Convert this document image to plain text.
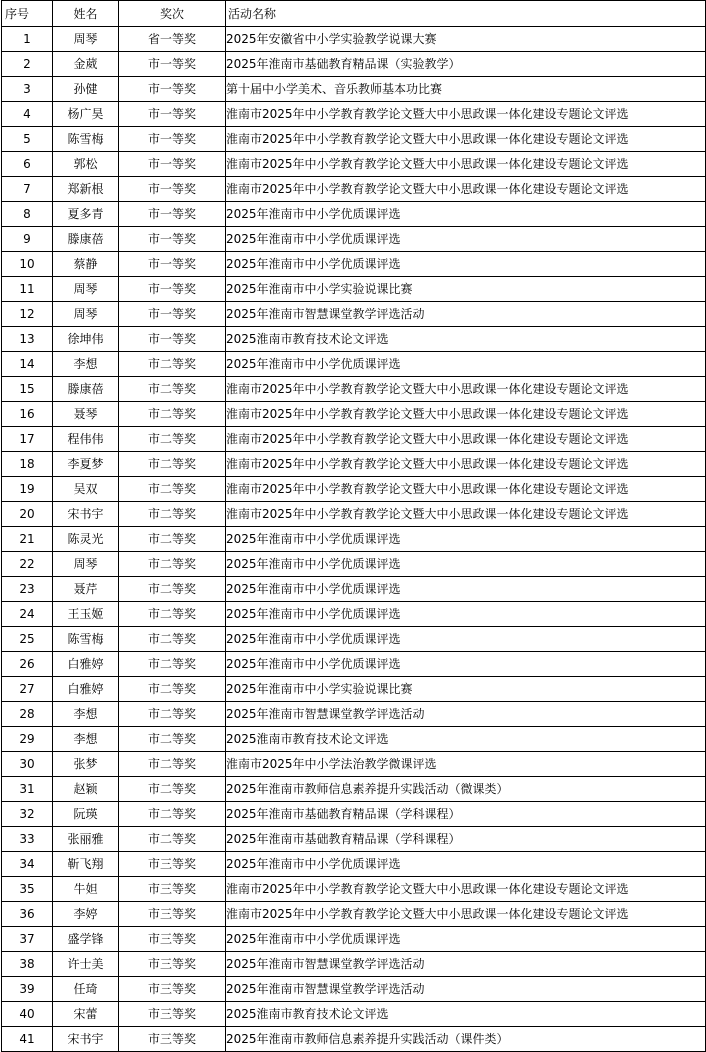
序号	姓名	奖次	活动名称
1	周琴	省一等奖	2025年安徽省中小学实验教学说课大赛
2	金葳	市一等奖	2025年淮南市基础教育精品课（实验教学）
3	孙健	市一等奖	第十届中小学美术、音乐教师基本功比赛
4	杨广昊	市一等奖	淮南市2025年中小学教育教学论文暨大中小思政课一体化建设专题论文评选
5	陈雪梅	市一等奖	淮南市2025年中小学教育教学论文暨大中小思政课一体化建设专题论文评选
6	郭松	市一等奖	淮南市2025年中小学教育教学论文暨大中小思政课一体化建设专题论文评选
7	郑新根	市一等奖	淮南市2025年中小学教育教学论文暨大中小思政课一体化建设专题论文评选
8	夏多青	市一等奖	2025年淮南市中小学优质课评选
9	滕康蓓	市一等奖	2025年淮南市中小学优质课评选
10	蔡静	市一等奖	2025年淮南市中小学优质课评选
11	周琴	市一等奖	2025年淮南市中小学实验说课比赛
12	周琴	市一等奖	2025年淮南市智慧课堂教学评选活动
13	徐坤伟	市一等奖	2025淮南市教育技术论文评选
14	李想	市二等奖	2025年淮南市中小学优质课评选
15	滕康蓓	市二等奖	淮南市2025年中小学教育教学论文暨大中小思政课一体化建设专题论文评选
16	聂琴	市二等奖	淮南市2025年中小学教育教学论文暨大中小思政课一体化建设专题论文评选
17	程伟伟	市二等奖	淮南市2025年中小学教育教学论文暨大中小思政课一体化建设专题论文评选
18	李夏梦	市二等奖	淮南市2025年中小学教育教学论文暨大中小思政课一体化建设专题论文评选
19	吴双	市二等奖	淮南市2025年中小学教育教学论文暨大中小思政课一体化建设专题论文评选
20	宋书宇	市二等奖	淮南市2025年中小学教育教学论文暨大中小思政课一体化建设专题论文评选
21	陈灵光	市二等奖	2025年淮南市中小学优质课评选
22	周琴	市二等奖	2025年淮南市中小学优质课评选
23	聂芹	市二等奖	2025年淮南市中小学优质课评选
24	王玉姬	市二等奖	2025年淮南市中小学优质课评选
25	陈雪梅	市二等奖	2025年淮南市中小学优质课评选
26	白雅婷	市二等奖	2025年淮南市中小学优质课评选
27	白雅婷	市二等奖	2025年淮南市中小学实验说课比赛
28	李想	市二等奖	2025年淮南市智慧课堂教学评选活动
29	李想	市二等奖	2025淮南市教育技术论文评选
30	张梦	市二等奖	淮南市2025年中小学法治教学微课评选
31	赵颖	市二等奖	2025年淮南市教师信息素养提升实践活动（微课类）
32	阮瑛	市二等奖	2025年淮南市基础教育精品课（学科课程）
33	张丽雅	市二等奖	2025年淮南市基础教育精品课（学科课程）
34	靳飞翔	市三等奖	2025年淮南市中小学优质课评选
35	牛妲	市三等奖	淮南市2025年中小学教育教学论文暨大中小思政课一体化建设专题论文评选
36	李婷	市三等奖	淮南市2025年中小学教育教学论文暨大中小思政课一体化建设专题论文评选
37	盛学锋	市三等奖	2025年淮南市中小学优质课评选
38	许士美	市三等奖	2025年淮南市智慧课堂教学评选活动
39	任琦	市三等奖	2025年淮南市智慧课堂教学评选活动
40	宋蕾	市三等奖	2025淮南市教育技术论文评选
41	宋书宇	市三等奖	2025年淮南市教师信息素养提升实践活动（课件类）
